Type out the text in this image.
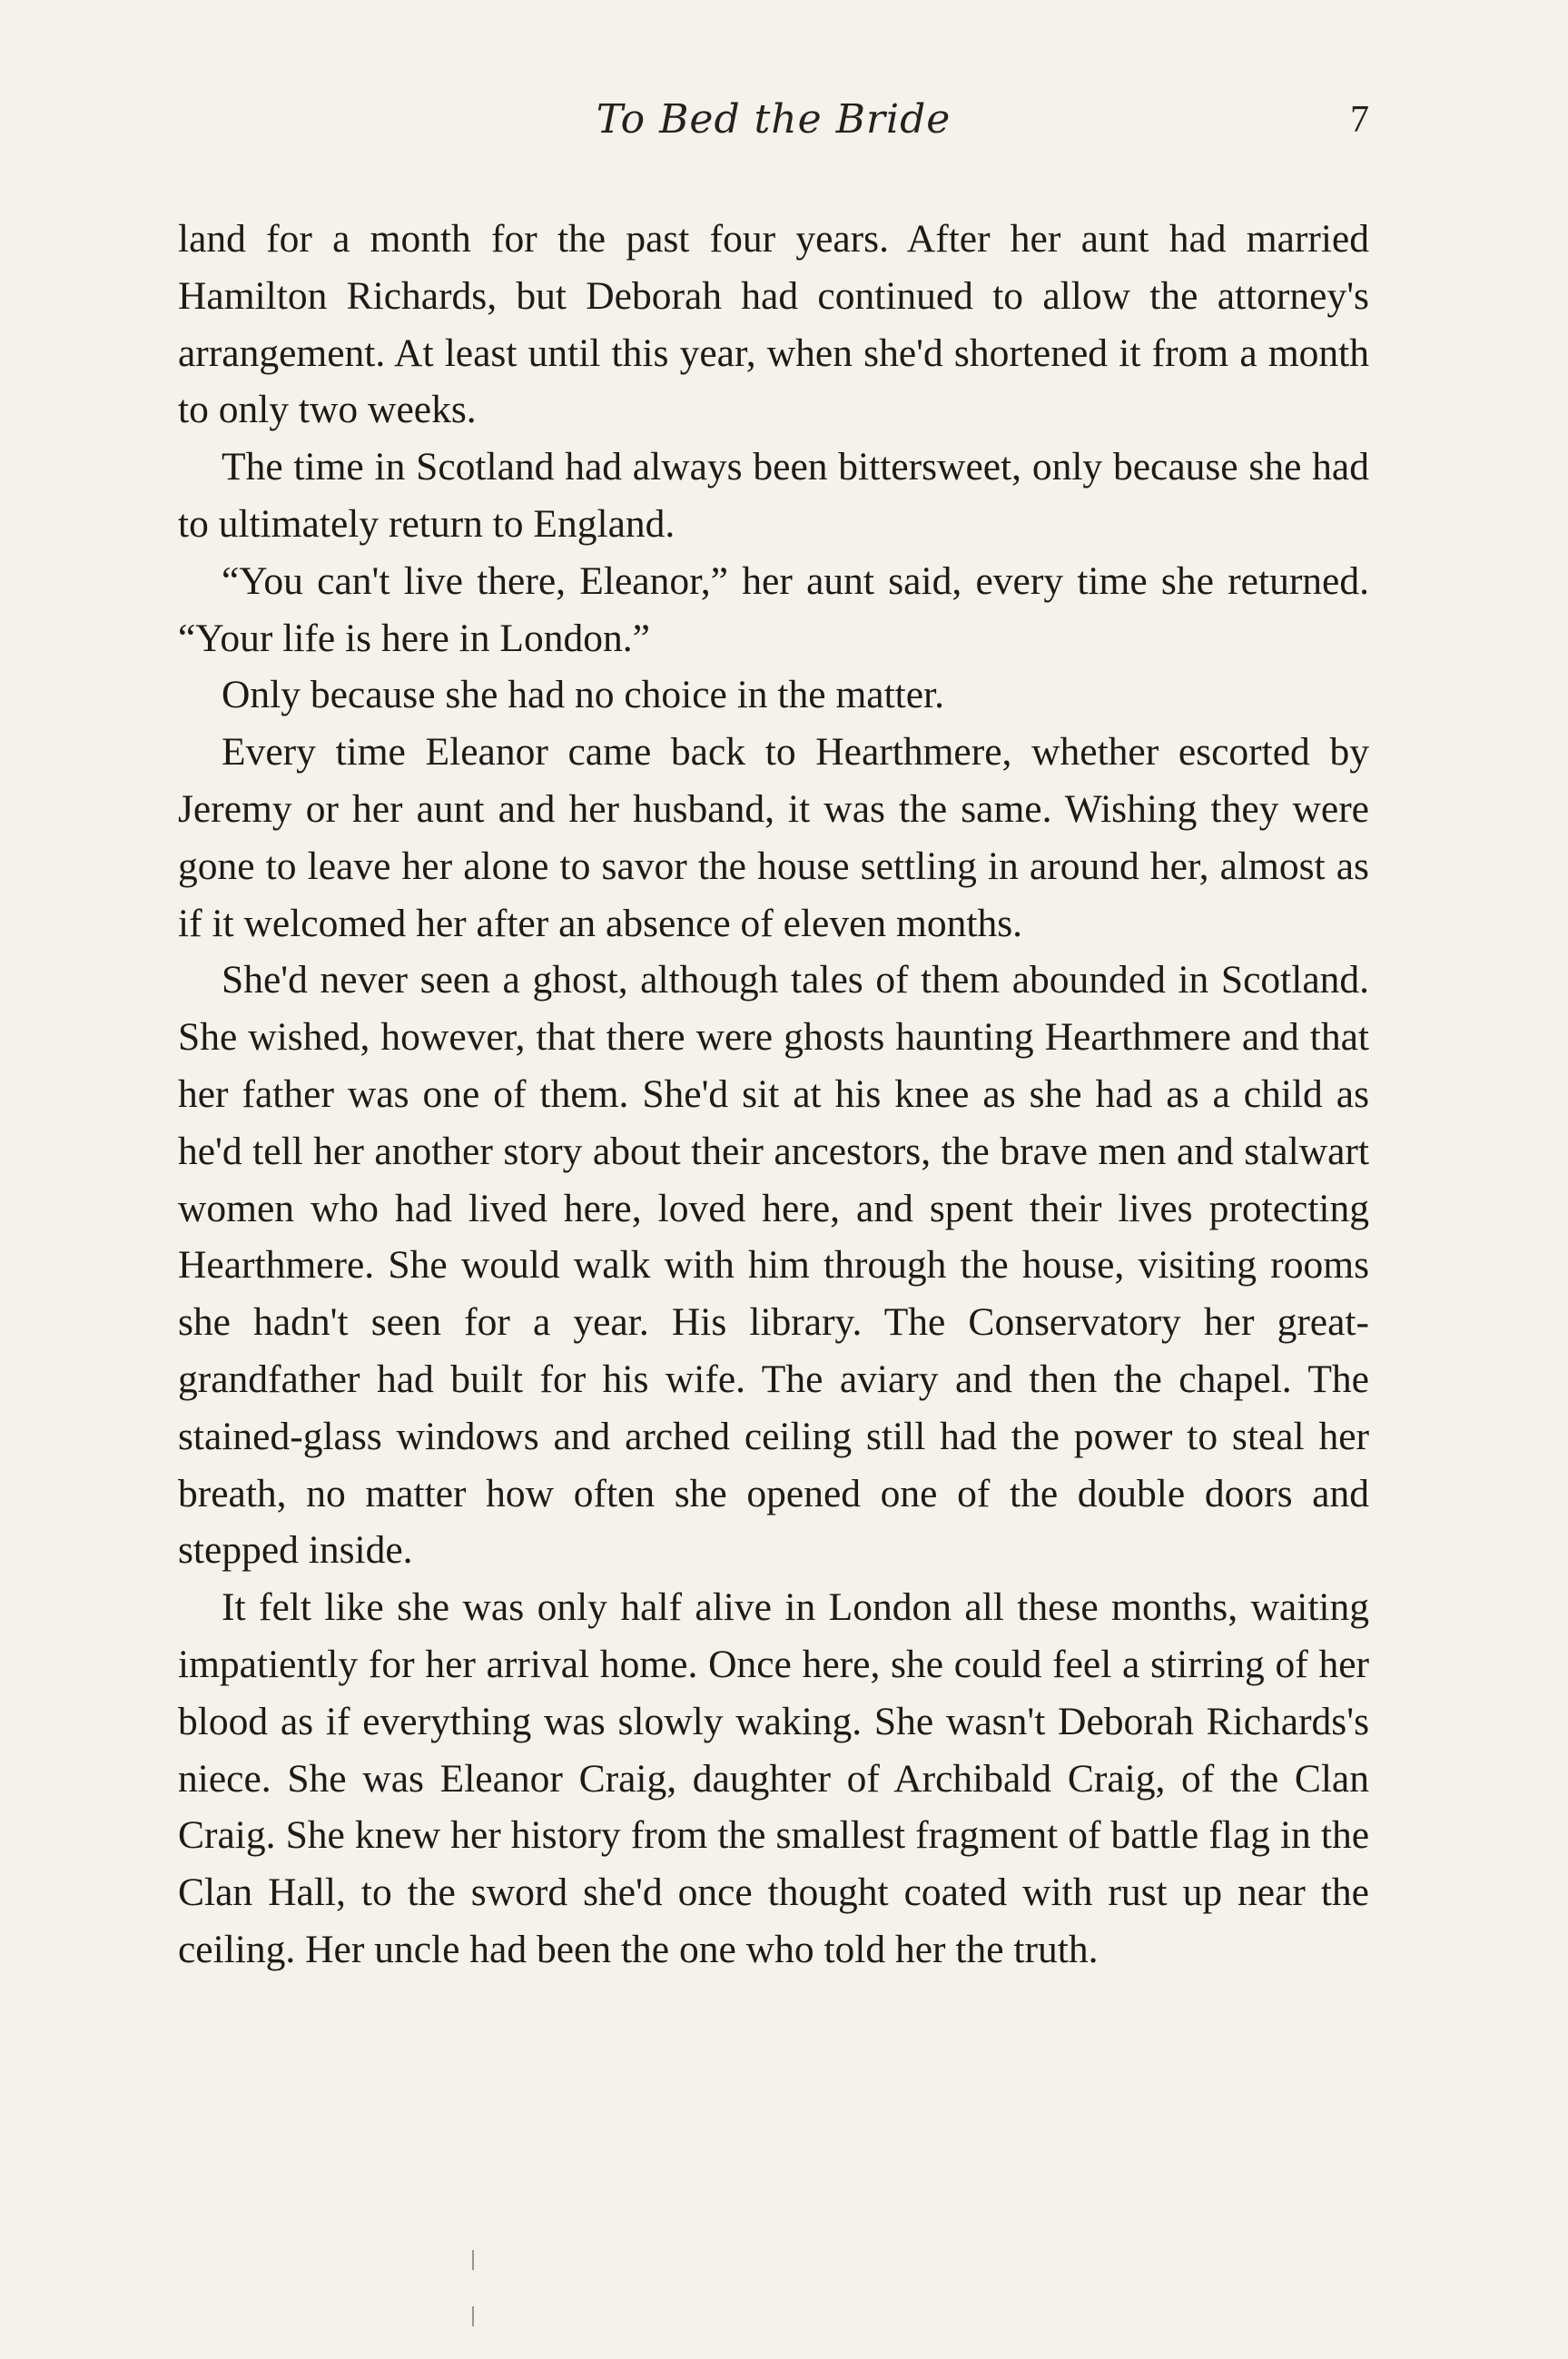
To Bed the Bride	7

land for a month for the past four years. After her aunt had married Hamilton Richards, but Deborah had continued to allow the attorney's arrangement. At least until this year, when she'd shortened it from a month to only two weeks.

The time in Scotland had always been bittersweet, only because she had to ultimately return to England.

“You can't live there, Eleanor,” her aunt said, every time she returned. “Your life is here in London.”

Only because she had no choice in the matter.

Every time Eleanor came back to Hearthmere, whether escorted by Jeremy or her aunt and her husband, it was the same. Wishing they were gone to leave her alone to savor the house settling in around her, almost as if it welcomed her after an absence of eleven months.

She'd never seen a ghost, although tales of them abounded in Scotland. She wished, however, that there were ghosts haunting Hearthmere and that her father was one of them. She'd sit at his knee as she had as a child as he'd tell her another story about their ancestors, the brave men and stalwart women who had lived here, loved here, and spent their lives protecting Hearthmere. She would walk with him through the house, visiting rooms she hadn't seen for a year. His library. The Conservatory her great-grandfather had built for his wife. The aviary and then the chapel. The stained-glass windows and arched ceiling still had the power to steal her breath, no matter how often she opened one of the double doors and stepped inside.

It felt like she was only half alive in London all these months, waiting impatiently for her arrival home. Once here, she could feel a stirring of her blood as if everything was slowly waking. She wasn't Deborah Richards's niece. She was Eleanor Craig, daughter of Archibald Craig, of the Clan Craig. She knew her history from the smallest fragment of battle flag in the Clan Hall, to the sword she'd once thought coated with rust up near the ceiling. Her uncle had been the one who told her the truth.
